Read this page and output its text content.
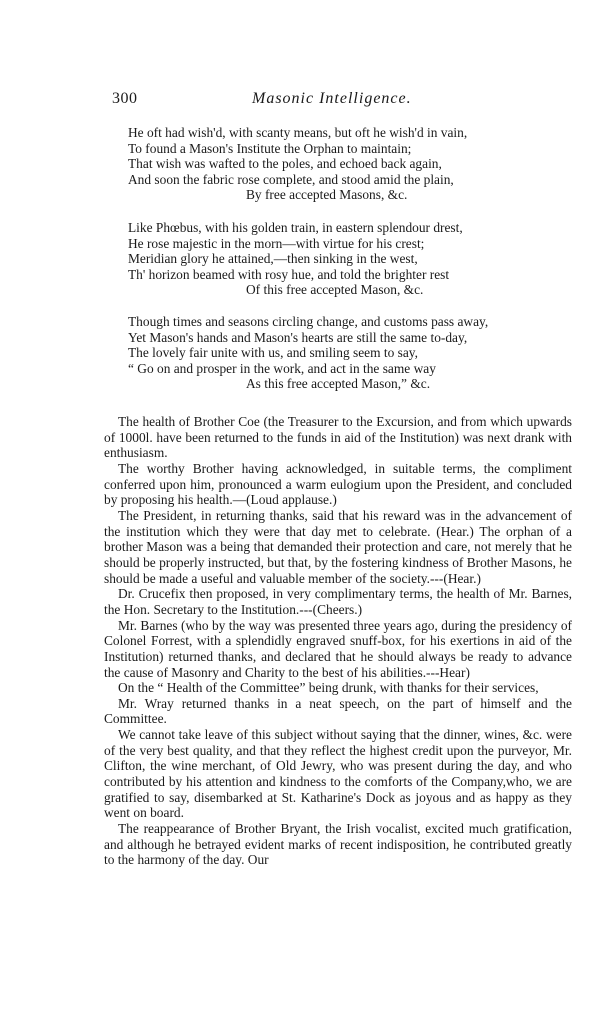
300	Masonic Intelligence.
He oft had wish'd, with scanty means, but oft he wish'd in vain,
To found a Mason's Institute the Orphan to maintain;
That wish was wafted to the poles, and echoed back again,
And soon the fabric rose complete, and stood amid the plain,
By free accepted Masons, &c.
Like Phœbus, with his golden train, in eastern splendour drest,
He rose majestic in the morn—with virtue for his crest;
Meridian glory he attained,—then sinking in the west,
Th' horizon beamed with rosy hue, and told the brighter rest
Of this free accepted Mason, &c.
Though times and seasons circling change, and customs pass away,
Yet Mason's hands and Mason's hearts are still the same to-day,
The lovely fair unite with us, and smiling seem to say,
“ Go on and prosper in the work, and act in the same way
As this free accepted Mason,” &c.

The health of Brother Coe (the Treasurer to the Excursion, and from which upwards of 1000l. have been returned to the funds in aid of the Institution) was next drank with enthusiasm.

The worthy Brother having acknowledged, in suitable terms, the compliment conferred upon him, pronounced a warm eulogium upon the President, and concluded by proposing his health.—(Loud applause.)

The President, in returning thanks, said that his reward was in the advancement of the institution which they were that day met to celebrate. (Hear.) The orphan of a brother Mason was a being that demanded their protection and care, not merely that he should be properly instructed, but that, by the fostering kindness of Brother Masons, he should be made a useful and valuable member of the society.---(Hear.)

Dr. Crucefix then proposed, in very complimentary terms, the health of Mr. Barnes, the Hon. Secretary to the Institution.---(Cheers.)

Mr. Barnes (who by the way was presented three years ago, during the presidency of Colonel Forrest, with a splendidly engraved snuff-box, for his exertions in aid of the Institution) returned thanks, and declared that he should always be ready to advance the cause of Masonry and Charity to the best of his abilities.---Hear)

On the “ Health of the Committee” being drunk, with thanks for their services,

Mr. Wray returned thanks in a neat speech, on the part of himself and the Committee.

We cannot take leave of this subject without saying that the dinner, wines, &c. were of the very best quality, and that they reflect the highest credit upon the purveyor, Mr. Clifton, the wine merchant, of Old Jewry, who was present during the day, and who contributed by his attention and kindness to the comforts of the Company,who, we are gratified to say, disembarked at St. Katharine's Dock as joyous and as happy as they went on board.

The reappearance of Brother Bryant, the Irish vocalist, excited much gratification, and although he betrayed evident marks of recent indisposition, he contributed greatly to the harmony of the day. Our
